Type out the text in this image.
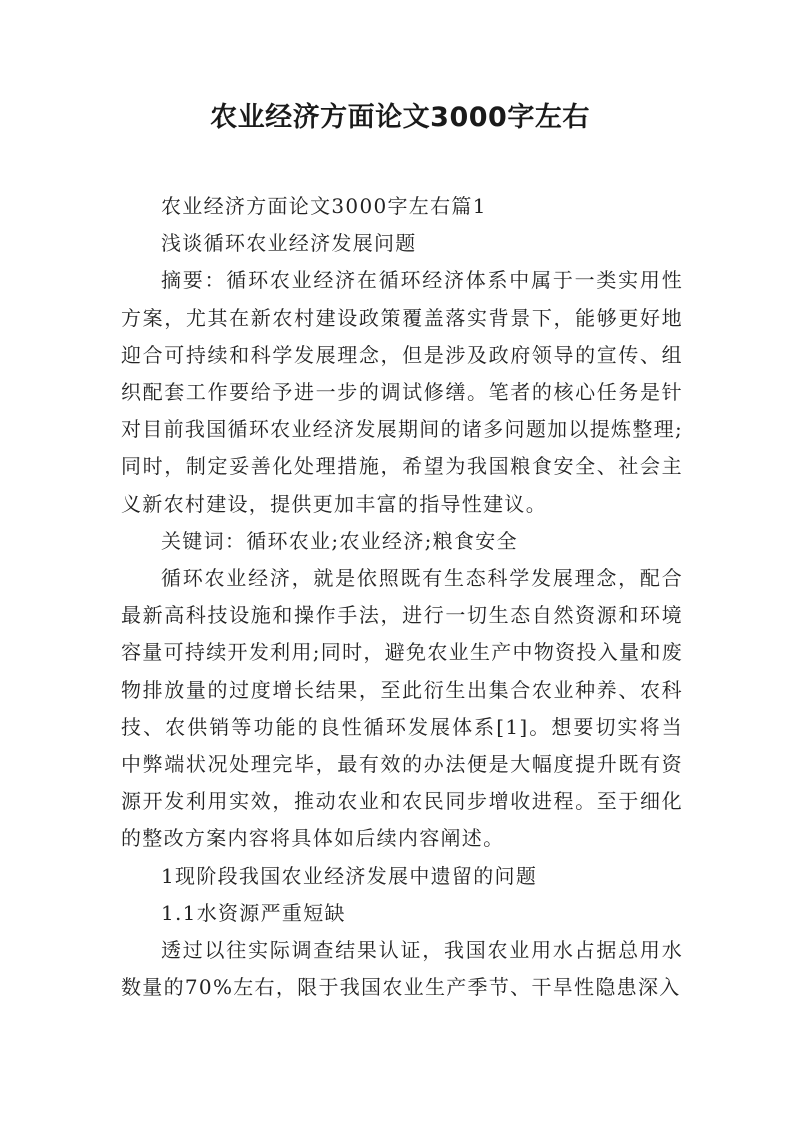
农业经济方面论文3000字左右

农业经济方面论文3000字左右篇1

浅谈循环农业经济发展问题

摘要：循环农业经济在循环经济体系中属于一类实用性方案，尤其在新农村建设政策覆盖落实背景下，能够更好地迎合可持续和科学发展理念，但是涉及政府领导的宣传、组织配套工作要给予进一步的调试修缮。笔者的核心任务是针对目前我国循环农业经济发展期间的诸多问题加以提炼整理;同时，制定妥善化处理措施，希望为我国粮食安全、社会主义新农村建设，提供更加丰富的指导性建议。

关键词：循环农业;农业经济;粮食安全

循环农业经济，就是依照既有生态科学发展理念，配合最新高科技设施和操作手法，进行一切生态自然资源和环境容量可持续开发利用;同时，避免农业生产中物资投入量和废物排放量的过度增长结果，至此衍生出集合农业种养、农科技、农供销等功能的良性循环发展体系[1]。想要切实将当中弊端状况处理完毕，最有效的办法便是大幅度提升既有资源开发利用实效，推动农业和农民同步增收进程。至于细化的整改方案内容将具体如后续内容阐述。

1现阶段我国农业经济发展中遗留的问题

1.1水资源严重短缺

透过以往实际调查结果认证，我国农业用水占据总用水数量的70%左右，限于我国农业生产季节、干旱性隐患深入
